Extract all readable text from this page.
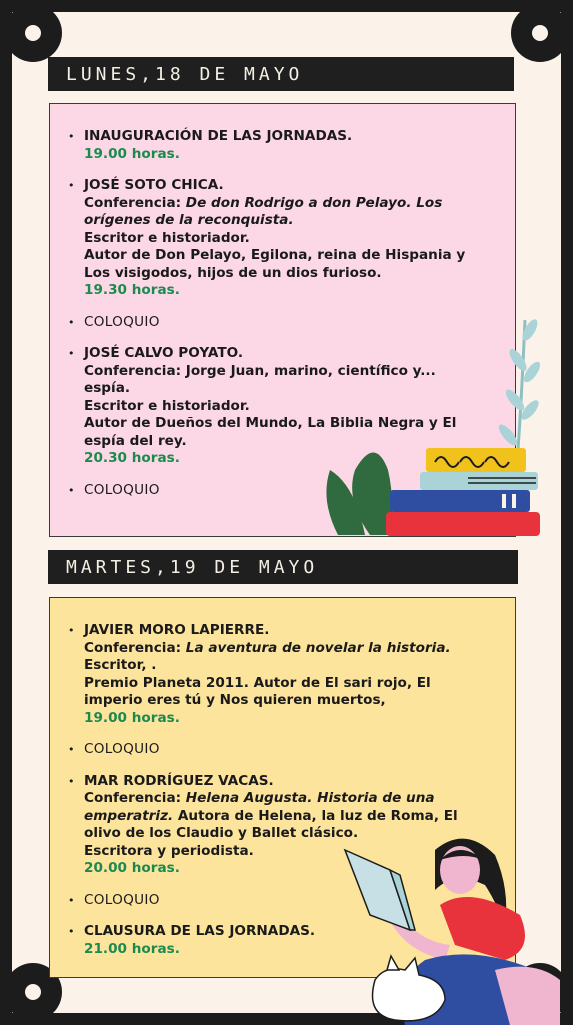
LUNES,18 DE MAYO
• INAUGURACIÓN DE LAS JORNADAS.
19.00 horas.
• JOSÉ SOTO CHICA.
Conferencia: De don Rodrigo a don Pelayo. Los orígenes de la reconquista.
Escritor e historiador.
Autor de Don Pelayo, Egilona, reina de Hispania y Los visigodos, hijos de un dios furioso.
19.30 horas.
• COLOQUIO
• JOSÉ CALVO POYATO.
Conferencia: Jorge Juan, marino, científico y... espía.
Escritor e historiador.
Autor de Dueños del Mundo, La Biblia Negra y El espía del rey.
20.30 horas.
• COLOQUIO
MARTES,19 DE MAYO
• JAVIER MORO LAPIERRE.
Conferencia: La aventura de novelar la historia.
Escritor, .
Premio Planeta 2011. Autor de El sari rojo, El imperio eres tú y Nos quieren muertos,
19.00 horas.
• COLOQUIO
• MAR RODRÍGUEZ VACAS.
Conferencia: Helena Augusta. Historia de una emperatriz. Autora de Helena, la luz de Roma, El olivo de los Claudio y Ballet clásico.
Escritora y periodista.
20.00 horas.
• COLOQUIO
• CLAUSURA DE LAS JORNADAS.
21.00 horas.
